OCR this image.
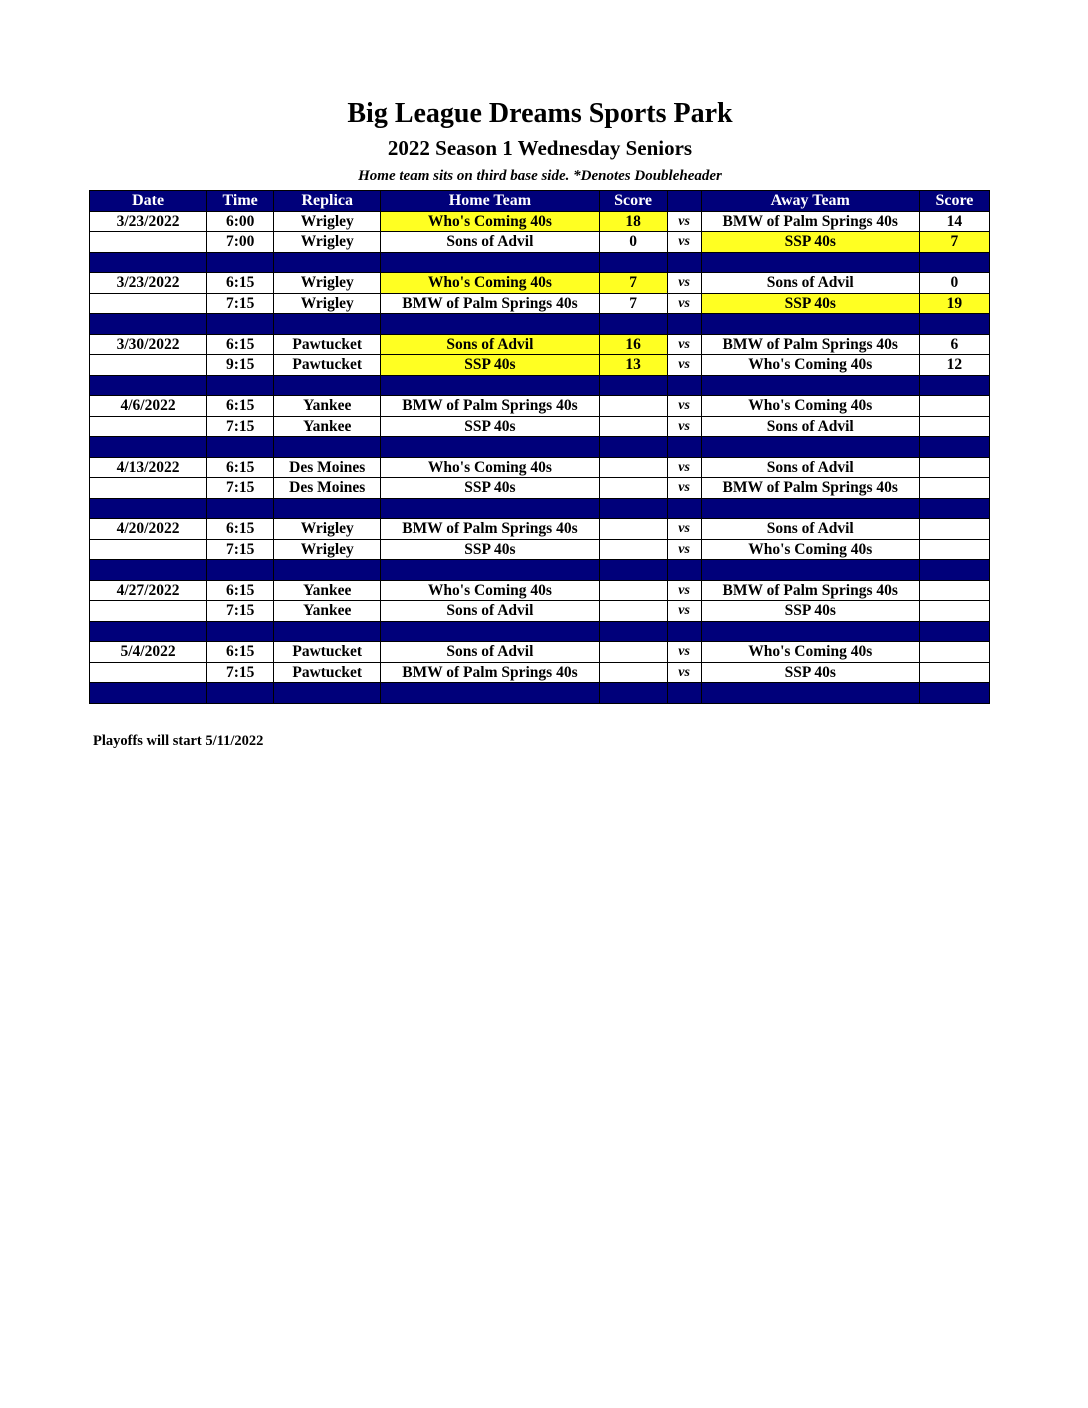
Big League Dreams Sports Park
2022 Season 1 Wednesday Seniors
Home team sits on third base side. *Denotes Doubleheader
Date	Time	Replica	Home Team	Score		Away Team	Score
3/23/2022	6:00	Wrigley	Who's Coming 40s	18	vs	BMW of Palm Springs 40s	14
	7:00	Wrigley	Sons of Advil	0	vs	SSP 40s	7

3/23/2022	6:15	Wrigley	Who's Coming 40s	7	vs	Sons of Advil	0
	7:15	Wrigley	BMW of Palm Springs 40s	7	vs	SSP 40s	19

3/30/2022	6:15	Pawtucket	Sons of Advil	16	vs	BMW of Palm Springs 40s	6
	9:15	Pawtucket	SSP 40s	13	vs	Who's Coming 40s	12

4/6/2022	6:15	Yankee	BMW of Palm Springs 40s		vs	Who's Coming 40s	
	7:15	Yankee	SSP 40s		vs	Sons of Advil	

4/13/2022	6:15	Des Moines	Who's Coming 40s		vs	Sons of Advil	
	7:15	Des Moines	SSP 40s		vs	BMW of Palm Springs 40s	

4/20/2022	6:15	Wrigley	BMW of Palm Springs 40s		vs	Sons of Advil	
	7:15	Wrigley	SSP 40s		vs	Who's Coming 40s	

4/27/2022	6:15	Yankee	Who's Coming 40s		vs	BMW of Palm Springs 40s	
	7:15	Yankee	Sons of Advil		vs	SSP 40s	

5/4/2022	6:15	Pawtucket	Sons of Advil		vs	Who's Coming 40s	
	7:15	Pawtucket	BMW of Palm Springs 40s		vs	SSP 40s	

Playoffs will start 5/11/2022
